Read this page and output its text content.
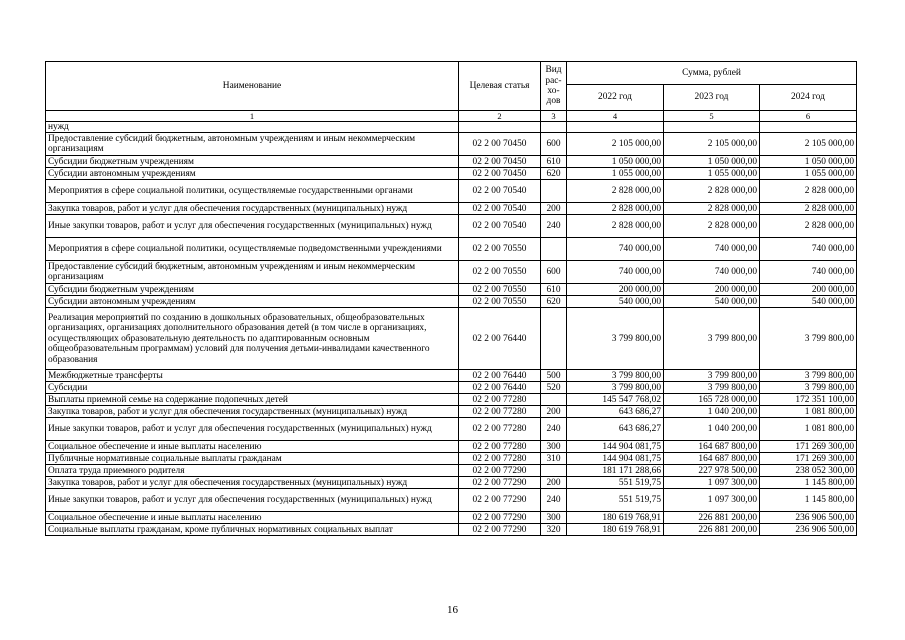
Наименование	Целевая статья	Вид рас- хо- дов	Сумма, рублей		
			2022 год	2023 год	2024 год
1	2	3	4	5	6
нужд					
Предоставление субсидий бюджетным, автономным учреждениям и иным некоммерческим организациям	02 2 00 70450	600	2 105 000,00	2 105 000,00	2 105 000,00
Субсидии бюджетным учреждениям	02 2 00 70450	610	1 050 000,00	1 050 000,00	1 050 000,00
Субсидии автономным учреждениям	02 2 00 70450	620	1 055 000,00	1 055 000,00	1 055 000,00
Мероприятия в сфере социальной политики, осуществляемые государственными органами	02 2 00 70540		2 828 000,00	2 828 000,00	2 828 000,00
Закупка товаров, работ и услуг для обеспечения государственных (муниципальных) нужд	02 2 00 70540	200	2 828 000,00	2 828 000,00	2 828 000,00
Иные закупки товаров, работ и услуг для обеспечения государственных (муниципальных) нужд	02 2 00 70540	240	2 828 000,00	2 828 000,00	2 828 000,00
Мероприятия в сфере социальной политики, осуществляемые подведомственными учреждениями	02 2 00 70550		740 000,00	740 000,00	740 000,00
Предоставление субсидий бюджетным, автономным учреждениям и иным некоммерческим организациям	02 2 00 70550	600	740 000,00	740 000,00	740 000,00
Субсидии бюджетным учреждениям	02 2 00 70550	610	200 000,00	200 000,00	200 000,00
Субсидии автономным учреждениям	02 2 00 70550	620	540 000,00	540 000,00	540 000,00
Реализация мероприятий по созданию в дошкольных образовательных, общеобразовательных организациях, организациях дополнительного образования детей (в том числе в организациях, осуществляющих образовательную деятельность по адаптированным основным общеобразовательным программам) условий для получения детьми-инвалидами качественного образования	02 2 00 76440		3 799 800,00	3 799 800,00	3 799 800,00
Межбюджетные трансферты	02 2 00 76440	500	3 799 800,00	3 799 800,00	3 799 800,00
Субсидии	02 2 00 76440	520	3 799 800,00	3 799 800,00	3 799 800,00
Выплаты приемной семье на содержание подопечных детей	02 2 00 77280		145 547 768,02	165 728 000,00	172 351 100,00
Закупка товаров, работ и услуг для обеспечения государственных (муниципальных) нужд	02 2 00 77280	200	643 686,27	1 040 200,00	1 081 800,00
Иные закупки товаров, работ и услуг для обеспечения государственных (муниципальных) нужд	02 2 00 77280	240	643 686,27	1 040 200,00	1 081 800,00
Социальное обеспечение и иные выплаты населению	02 2 00 77280	300	144 904 081,75	164 687 800,00	171 269 300,00
Публичные нормативные социальные выплаты гражданам	02 2 00 77280	310	144 904 081,75	164 687 800,00	171 269 300,00
Оплата труда приемного родителя	02 2 00 77290		181 171 288,66	227 978 500,00	238 052 300,00
Закупка товаров, работ и услуг для обеспечения государственных (муниципальных) нужд	02 2 00 77290	200	551 519,75	1 097 300,00	1 145 800,00
Иные закупки товаров, работ и услуг для обеспечения государственных (муниципальных) нужд	02 2 00 77290	240	551 519,75	1 097 300,00	1 145 800,00
Социальное обеспечение и иные выплаты населению	02 2 00 77290	300	180 619 768,91	226 881 200,00	236 906 500,00
Социальные выплаты гражданам, кроме публичных нормативных социальных выплат	02 2 00 77290	320	180 619 768,91	226 881 200,00	236 906 500,00
16
